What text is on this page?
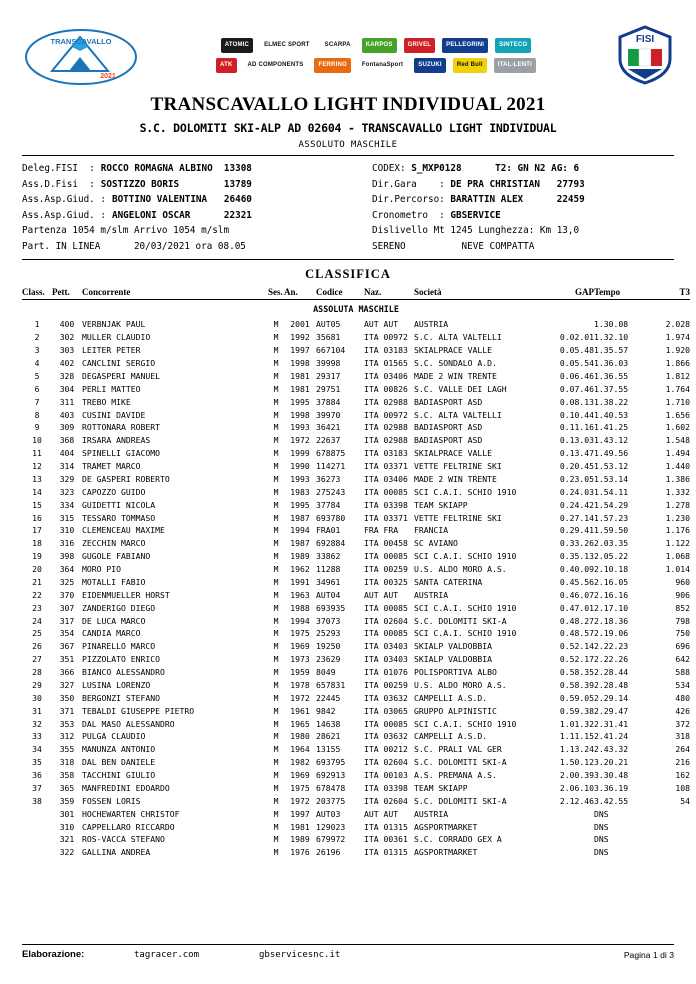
TRANSCAVALLO
2021
ATOMIC	ELMEC SPORT	SCARPA	KARPOS	GRIVEL	PELLEGRINI	SINTECO
ATK	AD COMPONENTS	FERRINO	FontanaSport	SUZUKI	Red Bull	ITAL-LENTI
FISI
TRANSCAVALLO LIGHT INDIVIDUAL 2021
S.C. DOLOMITI SKI-ALP AD 02604 - TRANSCAVALLO LIGHT INDIVIDUAL
ASSOLUTO MASCHILE
Deleg.FISI  : ROCCO ROMAGNA ALBINO  13308	CODEX: S_MXP0128      T2: GN N2 AG: 6
Ass.D.Fisi  : SOSTIZZO BORIS        13789	Dir.Gara    : DE PRA CHRISTIAN   27793
Ass.Asp.Giud. : BOTTINO VALENTINA   26460	Dir.Percorso: BARATTIN ALEX      22459
Ass.Asp.Giud. : ANGELONI OSCAR      22321	Cronometro  : GBSERVICE
Partenza 1054 m/slm Arrivo 1054 m/slm	Dislivello Mt 1245 Lunghezza: Km 13,0
Part. IN LINEA      20/03/2021 ora 08.05	SERENO          NEVE COMPATTA
CLASSIFICA
Class.	Pett.	Concorrente	Ses.	An.	Codice	Naz.	Società	GAP	Tempo	T3
ASSOLUTA MASCHILE										
1	400	VERBNJAK PAUL	M	2001	AUT05	AUT AUT	AUSTRIA		1.30.08	2.028
2	302	MULLER CLAUDIO	M	1992	35681	ITA 00972	S.C. ALTA VALTELLI	0.02.01	1.32.10	1.974
3	303	LEITER PETER	M	1997	667104	ITA 03183	SKIALPRACE VALLE	0.05.48	1.35.57	1.920
4	402	CANCLINI SERGIO	M	1998	39998	ITA 01565	S.C. SONDALO A.D.	0.05.54	1.36.03	1.866
5	328	DEGASPERI MANUEL	M	1981	29317	ITA 03406	MADE 2 WIN TRENTE	0.06.46	1.36.55	1.812
6	304	PERLI MATTEO	M	1981	29751	ITA 00826	S.C. VALLE DEI LAGH	0.07.46	1.37.55	1.764
7	311	TREBO MIKE	M	1995	37884	ITA 02988	BADIASPORT ASD	0.08.13	1.38.22	1.710
8	403	CUSINI DAVIDE	M	1998	39970	ITA 00972	S.C. ALTA VALTELLI	0.10.44	1.40.53	1.656
9	309	ROTTONARA ROBERT	M	1993	36421	ITA 02988	BADIASPORT ASD	0.11.16	1.41.25	1.602
10	368	IRSARA ANDREAS	M	1972	22637	ITA 02988	BADIASPORT ASD	0.13.03	1.43.12	1.548
11	404	SPINELLI GIACOMO	M	1999	678875	ITA 03183	SKIALPRACE VALLE	0.13.47	1.49.56	1.494
12	314	TRAMET MARCO	M	1990	114271	ITA 03371	VETTE FELTRINE SKI	0.20.45	1.53.12	1.440
13	329	DE GASPERI ROBERTO	M	1993	36273	ITA 03406	MADE 2 WIN TRENTE	0.23.05	1.53.14	1.386
14	323	CAPOZZO GUIDO	M	1983	275243	ITA 00085	SCI C.A.I. SCHIO 1910	0.24.03	1.54.11	1.332
15	334	GUIDETTI NICOLA	M	1995	37784	ITA 03398	TEAM SKIAPP	0.24.42	1.54.29	1.278
16	315	TESSARO TOMMASO	M	1987	693780	ITA 03371	VETTE FELTRINE SKI	0.27.14	1.57.23	1.230
17	310	CLEMENCEAU MAXIME	M	1994	FRA01	FRA FRA	FRANCIA	0.29.41	1.59.50	1.176
18	316	ZECCHIN MARCO	M	1987	692884	ITA 00458	SC AVIANO	0.33.26	2.03.35	1.122
19	398	GUGOLE FABIANO	M	1989	33862	ITA 00085	SCI C.A.I. SCHIO 1910	0.35.13	2.05.22	1.068
20	364	MORO PIO	M	1962	11288	ITA 00259	U.S. ALDO MORO A.S.	0.40.09	2.10.18	1.014
21	325	MOTALLI FABIO	M	1991	34961	ITA 00325	SANTA CATERINA	0.45.56	2.16.05	960
22	370	EIDENMUELLER HORST	M	1963	AUT04	AUT AUT	AUSTRIA	0.46.07	2.16.16	906
23	307	ZANDERIGO DIEGO	M	1988	693935	ITA 00085	SCI C.A.I. SCHIO 1910	0.47.01	2.17.10	852
24	317	DE LUCA MARCO	M	1994	37073	ITA 02604	S.C. DOLOMITI SKI-A	0.48.27	2.18.36	798
25	354	CANDIA MARCO	M	1975	25293	ITA 00085	SCI C.A.I. SCHIO 1910	0.48.57	2.19.06	750
26	367	PINARELLO MARCO	M	1969	19250	ITA 03403	SKIALP VALDOBBIA	0.52.14	2.22.23	696
27	351	PIZZOLATO ENRICO	M	1973	23629	ITA 03403	SKIALP VALDOBBIA	0.52.17	2.22.26	642
28	366	BIANCO ALESSANDRO	M	1959	8049	ITA 01076	POLISPORTIVA ALBO	0.58.35	2.28.44	588
29	327	LUSINA LORENZO	M	1978	657831	ITA 00259	U.S. ALDO MORO A.S.	0.58.39	2.28.48	534
30	350	BERGONZI STEFANO	M	1972	22445	ITA 03632	CAMPELLI A.S.D.	0.59.05	2.29.14	480
31	371	TEBALDI GIUSEPPE PIETRO	M	1961	9842	ITA 03065	GRUPPO ALPINISTIC	0.59.38	2.29.47	426
32	353	DAL MASO ALESSANDRO	M	1965	14638	ITA 00085	SCI C.A.I. SCHIO 1910	1.01.32	2.31.41	372
33	312	PULGA CLAUDIO	M	1980	28621	ITA 03632	CAMPELLI A.S.D.	1.11.15	2.41.24	318
34	355	MANUNZA ANTONIO	M	1964	13155	ITA 00212	S.C. PRALI VAL GER	1.13.24	2.43.32	264
35	318	DAL BEN DANIELE	M	1982	693795	ITA 02604	S.C. DOLOMITI SKI-A	1.50.12	3.20.21	216
36	358	TACCHINI GIULIO	M	1969	692913	ITA 00103	A.S. PREMANA A.S.	2.00.39	3.30.48	162
37	365	MANFREDINI EDOARDO	M	1975	678478	ITA 03398	TEAM SKIAPP	2.06.10	3.36.19	108
38	359	FOSSEN LORIS	M	1972	203775	ITA 02604	S.C. DOLOMITI SKI-A	2.12.46	3.42.55	54
	301	HOCHEWARTEN CHRISTOF	M	1997	AUT03	AUT AUT	AUSTRIA		DNS	
	310	CAPPELLARO RICCARDO	M	1981	129023	ITA 01315	AGSPORTMARKET		DNS	
	321	ROS-VACCA STEFANO	M	1989	679972	ITA 00361	S.C. CORRADO GEX A		DNS	
	322	GALLINA ANDREA	M	1976	26196	ITA 01315	AGSPORTMARKET		DNS	
Elaborazione:	tagracer.com	gbservicesnc.it	Pagina 1 di 3
